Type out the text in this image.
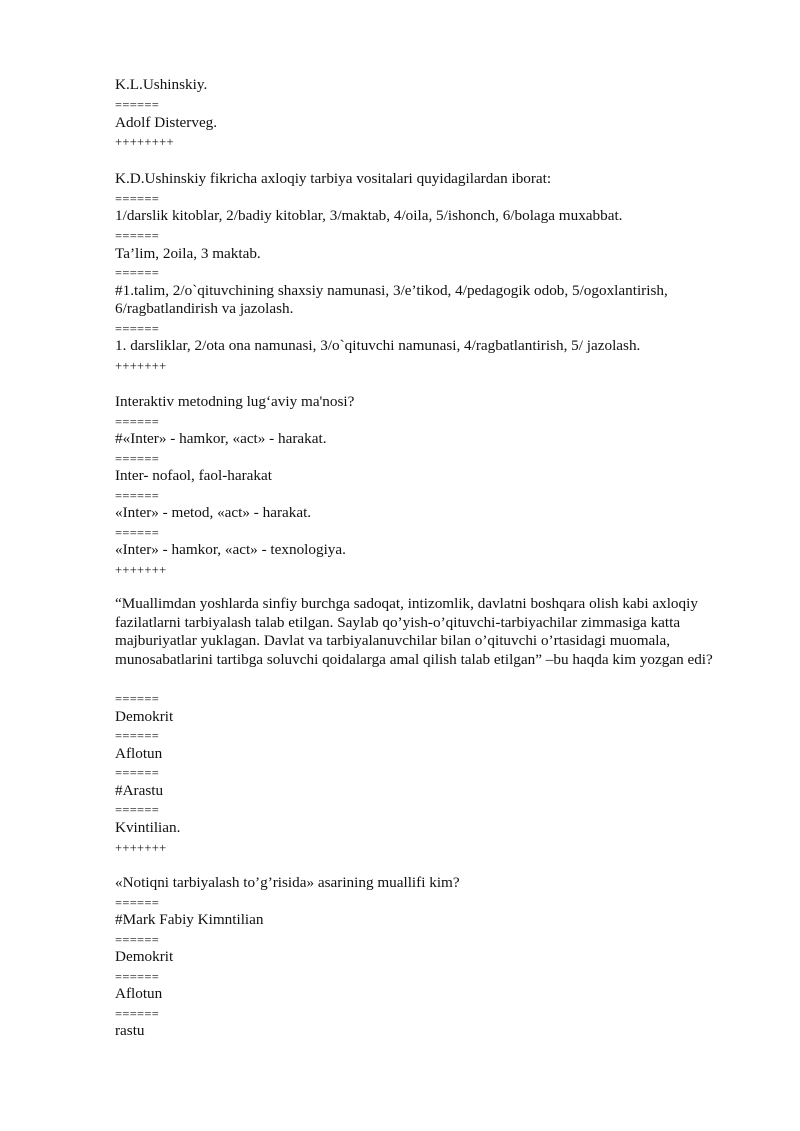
K.L.Ushinskiy.

======

Adolf Disterveg.

++++++++

K.D.Ushinskiy fikricha axloqiy tarbiya vositalari quyidagilardan iborat:

======

1/darslik kitoblar, 2/badiy kitoblar, 3/maktab, 4/oila, 5/ishonch, 6/bolaga muxabbat.

======

Ta’lim, 2oila, 3 maktab.

======

#1.talim, 2/o`qituvchining shaxsiy namunasi, 3/e’tikod, 4/pedagogik odob, 5/ogoxlantirish,

6/ragbatlandirish va jazolash.

======

1. darsliklar, 2/ota ona namunasi, 3/o`qituvchi namunasi, 4/ragbatlantirish, 5/ jazolash.

+++++++

Interaktiv metodning lug‘aviy ma'nosi?

======

#«Inter» - hamkor, «act» - harakat.

======

Inter- nofaol, faol-harakat

======

«Inter» - metod, «act» - harakat.

======

«Inter» - hamkor, «act» - texnologiya.

+++++++

“Muallimdan yoshlarda sinfiy burchga sadoqat, intizomlik, davlatni boshqara olish kabi axloqiy fazilatlarni tarbiyalash talab etilgan. Saylab qo’yish-o’qituvchi-tarbiyachilar zimmasiga katta majburiyatlar yuklagan. Davlat va tarbiyalanuvchilar bilan o’qituvchi o’rtasidagi muomala, munosabatlarini tartibga soluvchi qoidalarga amal qilish talab etilgan” –bu haqda kim yozgan edi?

======

Demokrit

======

Aflotun

======

#Arastu

======

Kvintilian.

+++++++

«Notiqni tarbiyalash to’g’risida» asarining muallifi kim?

======

#Mark Fabiy Kimntilian

======

Demokrit

======

Aflotun

======

rastu
